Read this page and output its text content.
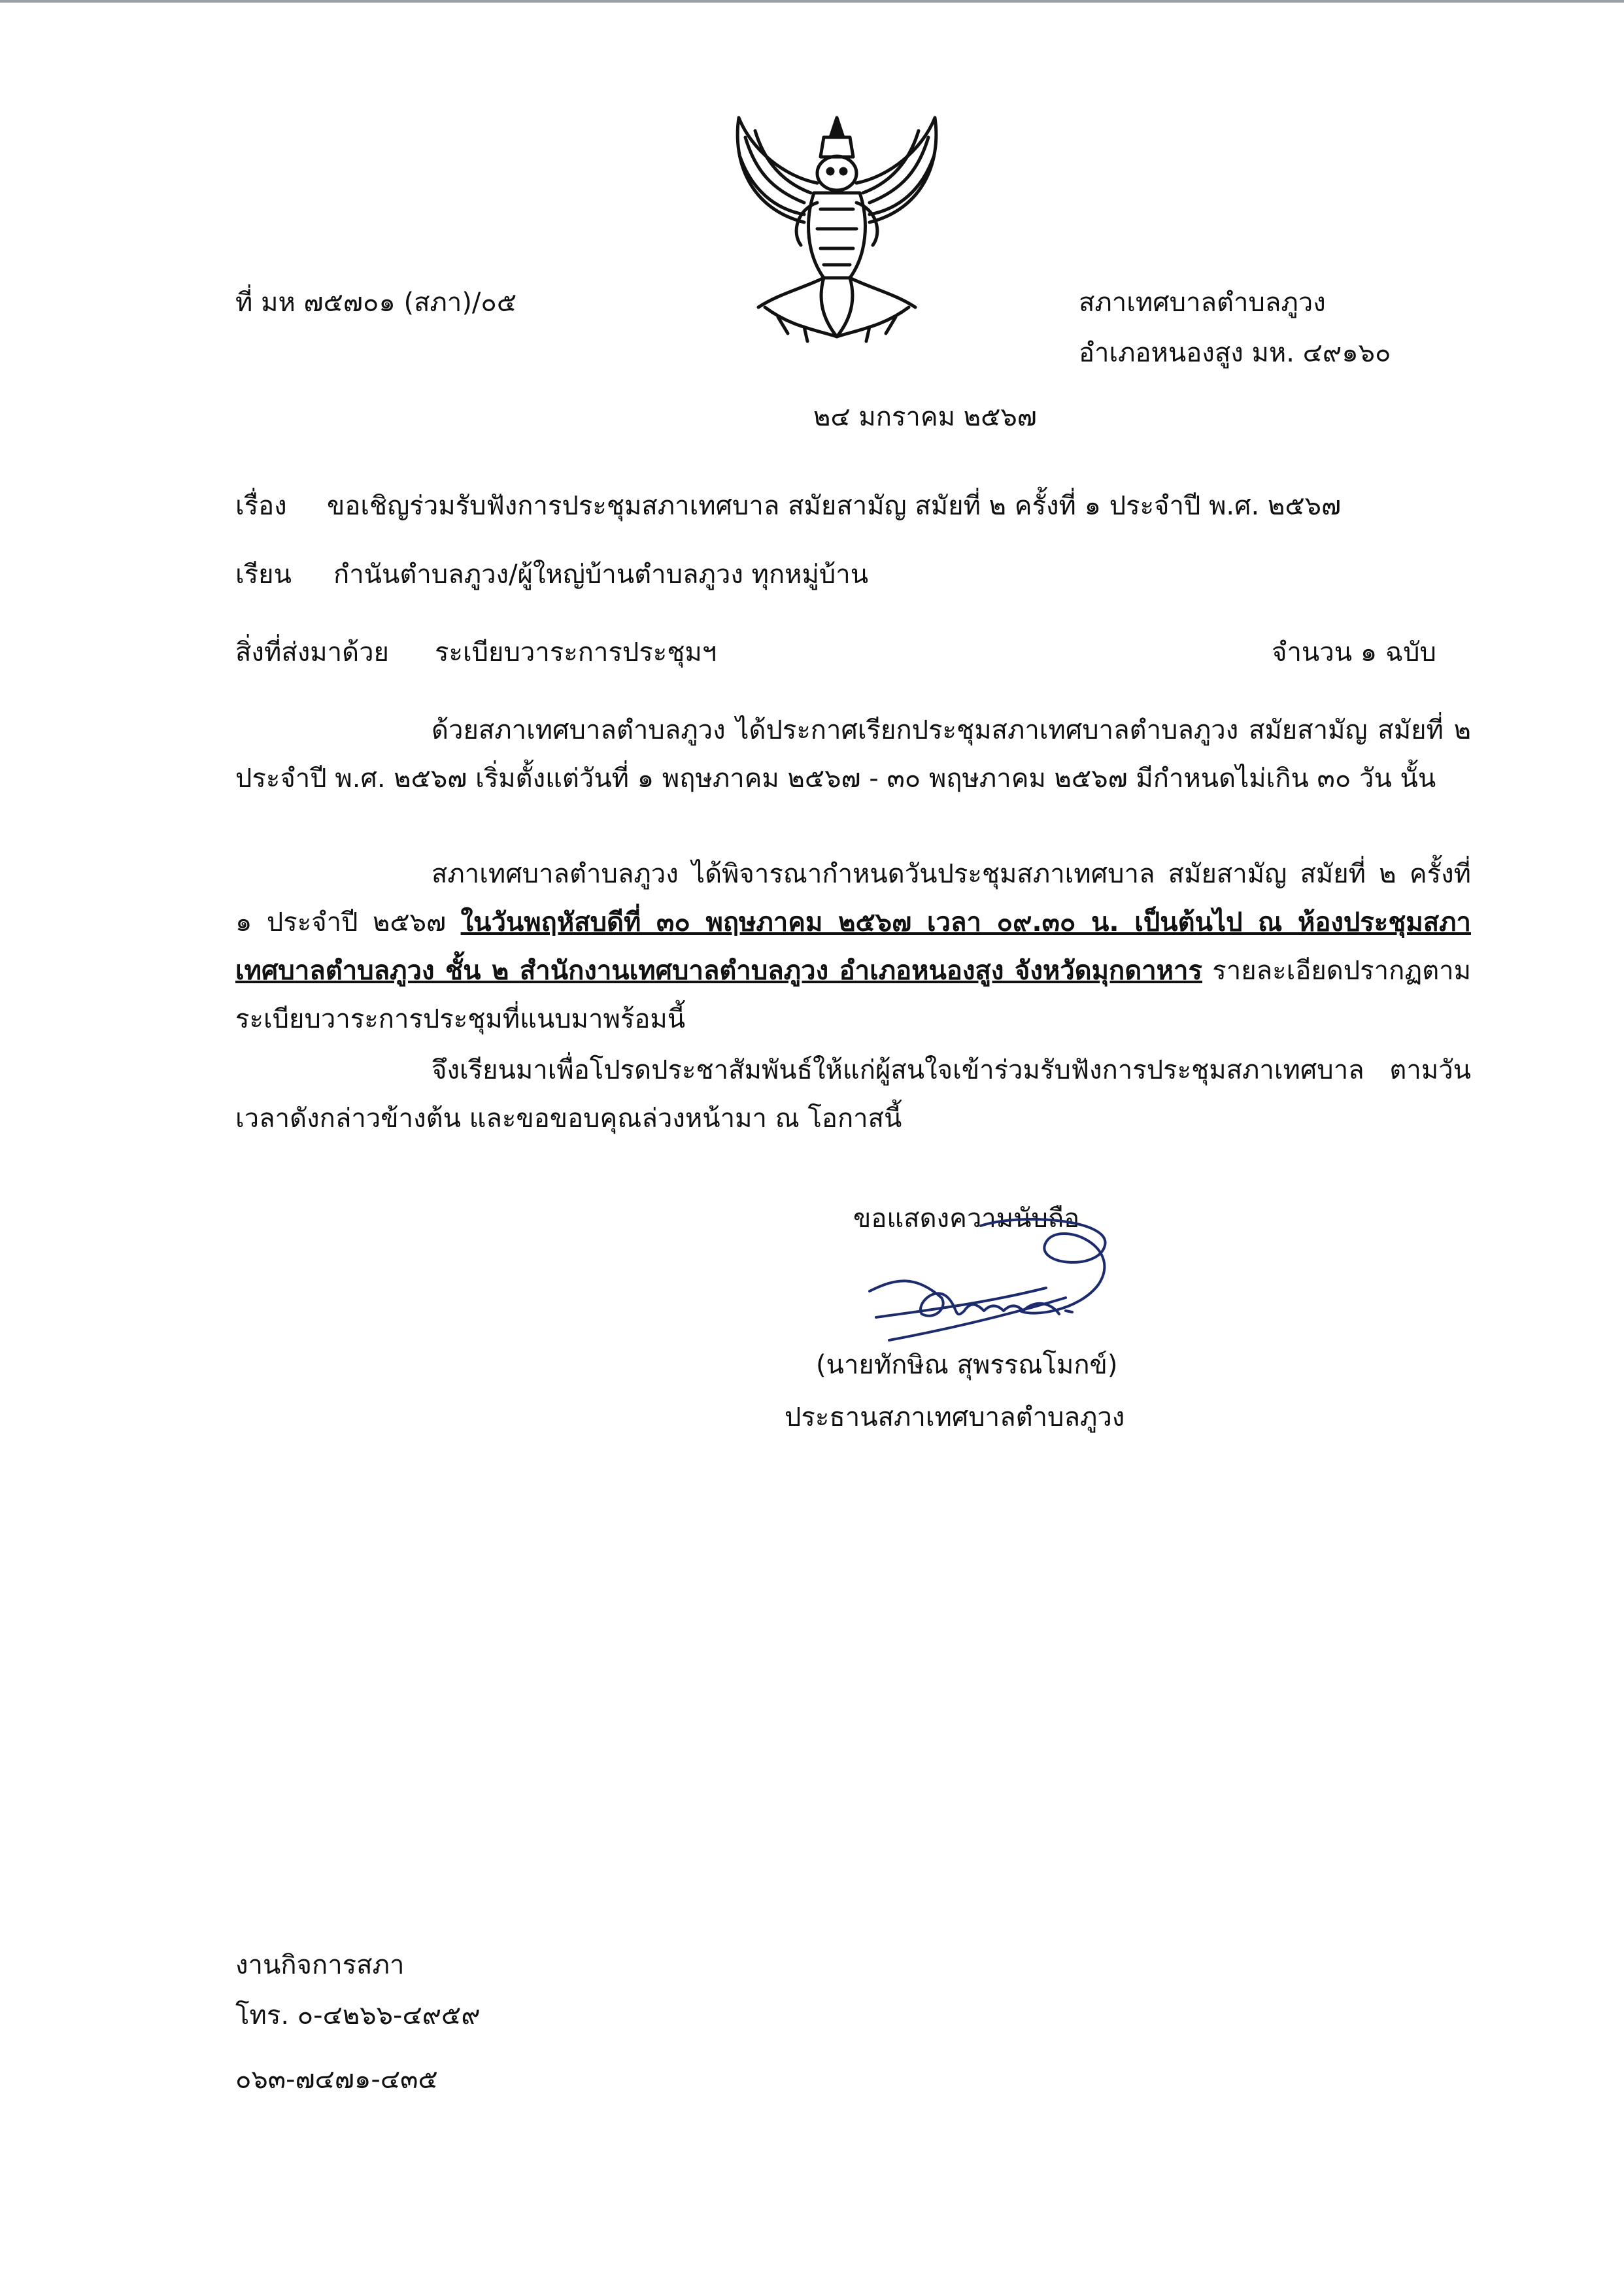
ที่ มห ๗๕๗๐๑ (สภา)/๐๕	สภาเทศบาลตำบลภูวง
อำเภอหนองสูง มห. ๔๙๑๖๐
๒๔ มกราคม ๒๕๖๗
เรื่อง ขอเชิญร่วมรับฟังการประชุมสภาเทศบาล สมัยสามัญ สมัยที่ ๒ ครั้งที่ ๑ ประจำปี พ.ศ. ๒๕๖๗
เรียน กำนันตำบลภูวง/ผู้ใหญ่บ้านตำบลภูวง ทุกหมู่บ้าน
สิ่งที่ส่งมาด้วย ระเบียบวาระการประชุมฯ	จำนวน ๑ ฉบับ
ด้วยสภาเทศบาลตำบลภูวง ได้ประกาศเรียกประชุมสภาเทศบาลตำบลภูวง สมัยสามัญ สมัยที่ ๒ ประจำปี พ.ศ. ๒๕๖๗ เริ่มตั้งแต่วันที่ ๑ พฤษภาคม ๒๕๖๗ - ๓๐ พฤษภาคม ๒๕๖๗ มีกำหนดไม่เกิน ๓๐ วัน นั้น
สภาเทศบาลตำบลภูวง ได้พิจารณากำหนดวันประชุมสภาเทศบาล สมัยสามัญ สมัยที่ ๒ ครั้งที่ ๑ ประจำปี ๒๕๖๗ ในวันพฤหัสบดีที่ ๓๐ พฤษภาคม ๒๕๖๗ เวลา ๐๙.๓๐ น. เป็นต้นไป ณ ห้องประชุมสภาเทศบาลตำบลภูวง ชั้น ๒ สำนักงานเทศบาลตำบลภูวง อำเภอหนองสูง จังหวัดมุกดาหาร รายละเอียดปรากฏตามระเบียบวาระการประชุมที่แนบมาพร้อมนี้
จึงเรียนมาเพื่อโปรดประชาสัมพันธ์ให้แก่ผู้สนใจเข้าร่วมรับฟังการประชุมสภาเทศบาล ตามวัน เวลาดังกล่าวข้างต้น และขอขอบคุณล่วงหน้ามา ณ โอกาสนี้
ขอแสดงความนับถือ
(นายทักษิณ สุพรรณโมกข์)
ประธานสภาเทศบาลตำบลภูวง
งานกิจการสภา
โทร. ๐-๔๒๖๖-๔๙๕๙
๐๖๓-๗๔๗๑-๔๓๕
